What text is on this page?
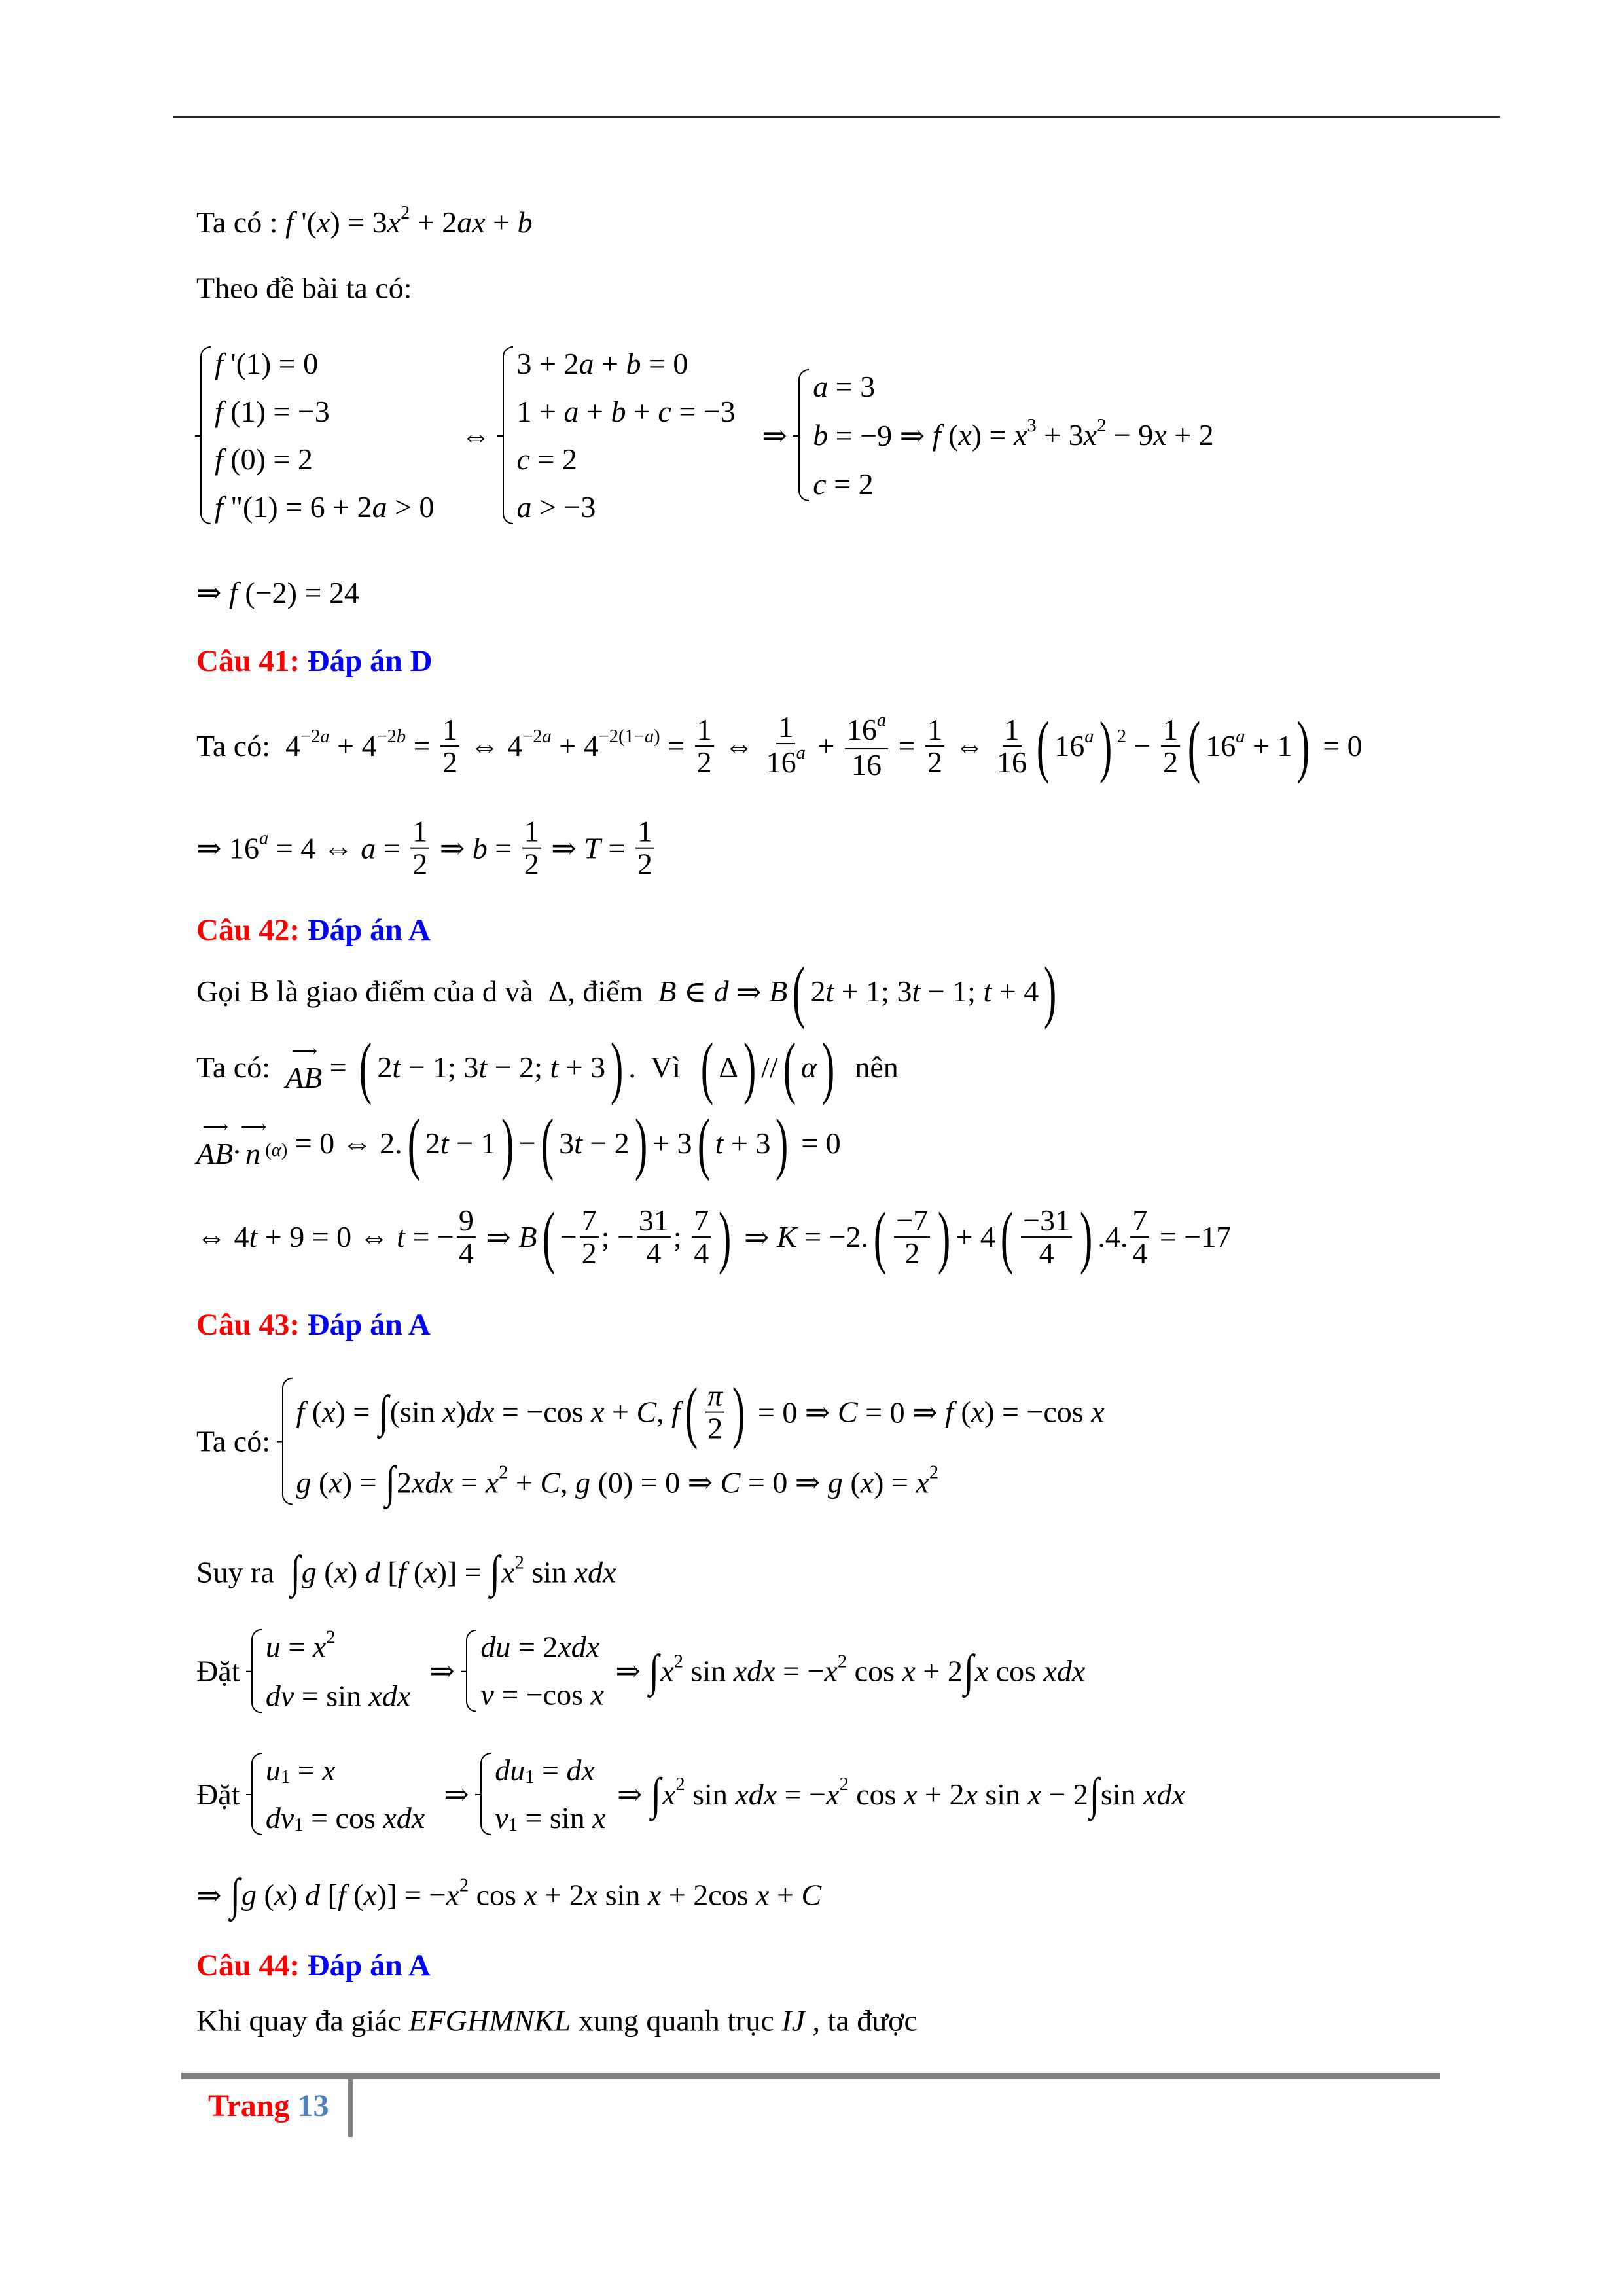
Ta có : f '( x ) = 3 x 2 + 2 ax + b
Theo đề bài ta có:
f '(1) = 0
f (1) = −3
f (0) = 2
f "(1) = 6 + 2 a > 0
⇔
3 + 2 a + b = 0
1 + a + b + c = −3
c = 2
a > −3
⇒
a = 3
b = −9 ⇒ f ( x ) = x 3 + 3 x 2 − 9 x + 2
c = 2
⇒ f (−2) = 24
Câu 41: Đáp án D
Ta có:  $4 -2a + 4 -2b = \frac{1}{2}$ ⇔ $4 -2a + 4 -2(1-a) = \frac{1}{2}$ ⇔ $\frac{1}{16 a} + \frac{16 a}{16} = \frac{1}{2}$ ⇔ $\frac{1}{16}$ ( 16 a ) $2 - \frac{1}{2}$ ( 16 a + 1 ) = 0
⇒ 16 a = 4 ⇔ $a = \frac{1}{2}$ ⇒ $b = \frac{1}{2}$ ⇒ $T = \frac{1}{2}$
Câu 42: Đáp án A
Gọi B là giao điểm của d và  Δ, điểm B ∈ d ⇒ B ( 2 t + 1; 3 t − 1; t + 4 )
Ta có: ⟶
AB = ( 2 t − 1; 3 t − 2; t + 3 ) .  Vì ( Δ ) // ( α ) nên
⟶
AB . ⟶
n (α) = 0 ⇔ 2. ( 2 t − 1 ) − ( 3 t − 2 ) + 3 ( t + 3 ) = 0
⇔ 4 t + 9 = 0 ⇔ t = − $\frac{9}{4}$ ⇒ B ( − $\frac{7}{2}$ ; − $\frac{31}{4}$ ; $\frac{7}{4}$ ) ⇒ K = −2. ( $\frac{-7}{2}$ ) + 4 ( $\frac{-31}{4}$ ) .4. $\frac{7}{4} = -17$
Câu 43: Đáp án A
Ta có:
f ( x ) = ∫ (sin x ) dx = −cos x + C , f ( $\frac{\pi}{2}$ ) = 0 ⇒ C = 0 ⇒ f ( x ) = −cos x
g ( x ) = ∫ 2 xdx = x 2 + C , g (0) = 0 ⇒ C = 0 ⇒ g ( x ) = x 2
Suy ra ∫ g ( x ) d [ f ( x )] = ∫ x 2 sin xdx
Đặt
u = x 2
dv = sin xdx
⇒
du = 2 xdx
v = −cos x
⇒ ∫ x 2 sin xdx = − x 2 cos x + 2 ∫ x cos xdx
Đặt
u 1 = x
dv 1 = cos xdx
⇒
du 1 = dx
v 1 = sin x
⇒ ∫ x 2 sin xdx = − x 2 cos x + 2 x sin x − 2 ∫ sin xdx
⇒ ∫ g ( x ) d [ f ( x )] = − x 2 cos x + 2 x sin x + 2cos x + C
Câu 44: Đáp án A
Khi quay đa giác EFGHMNKL xung quanh trục IJ , ta được
Trang 13
